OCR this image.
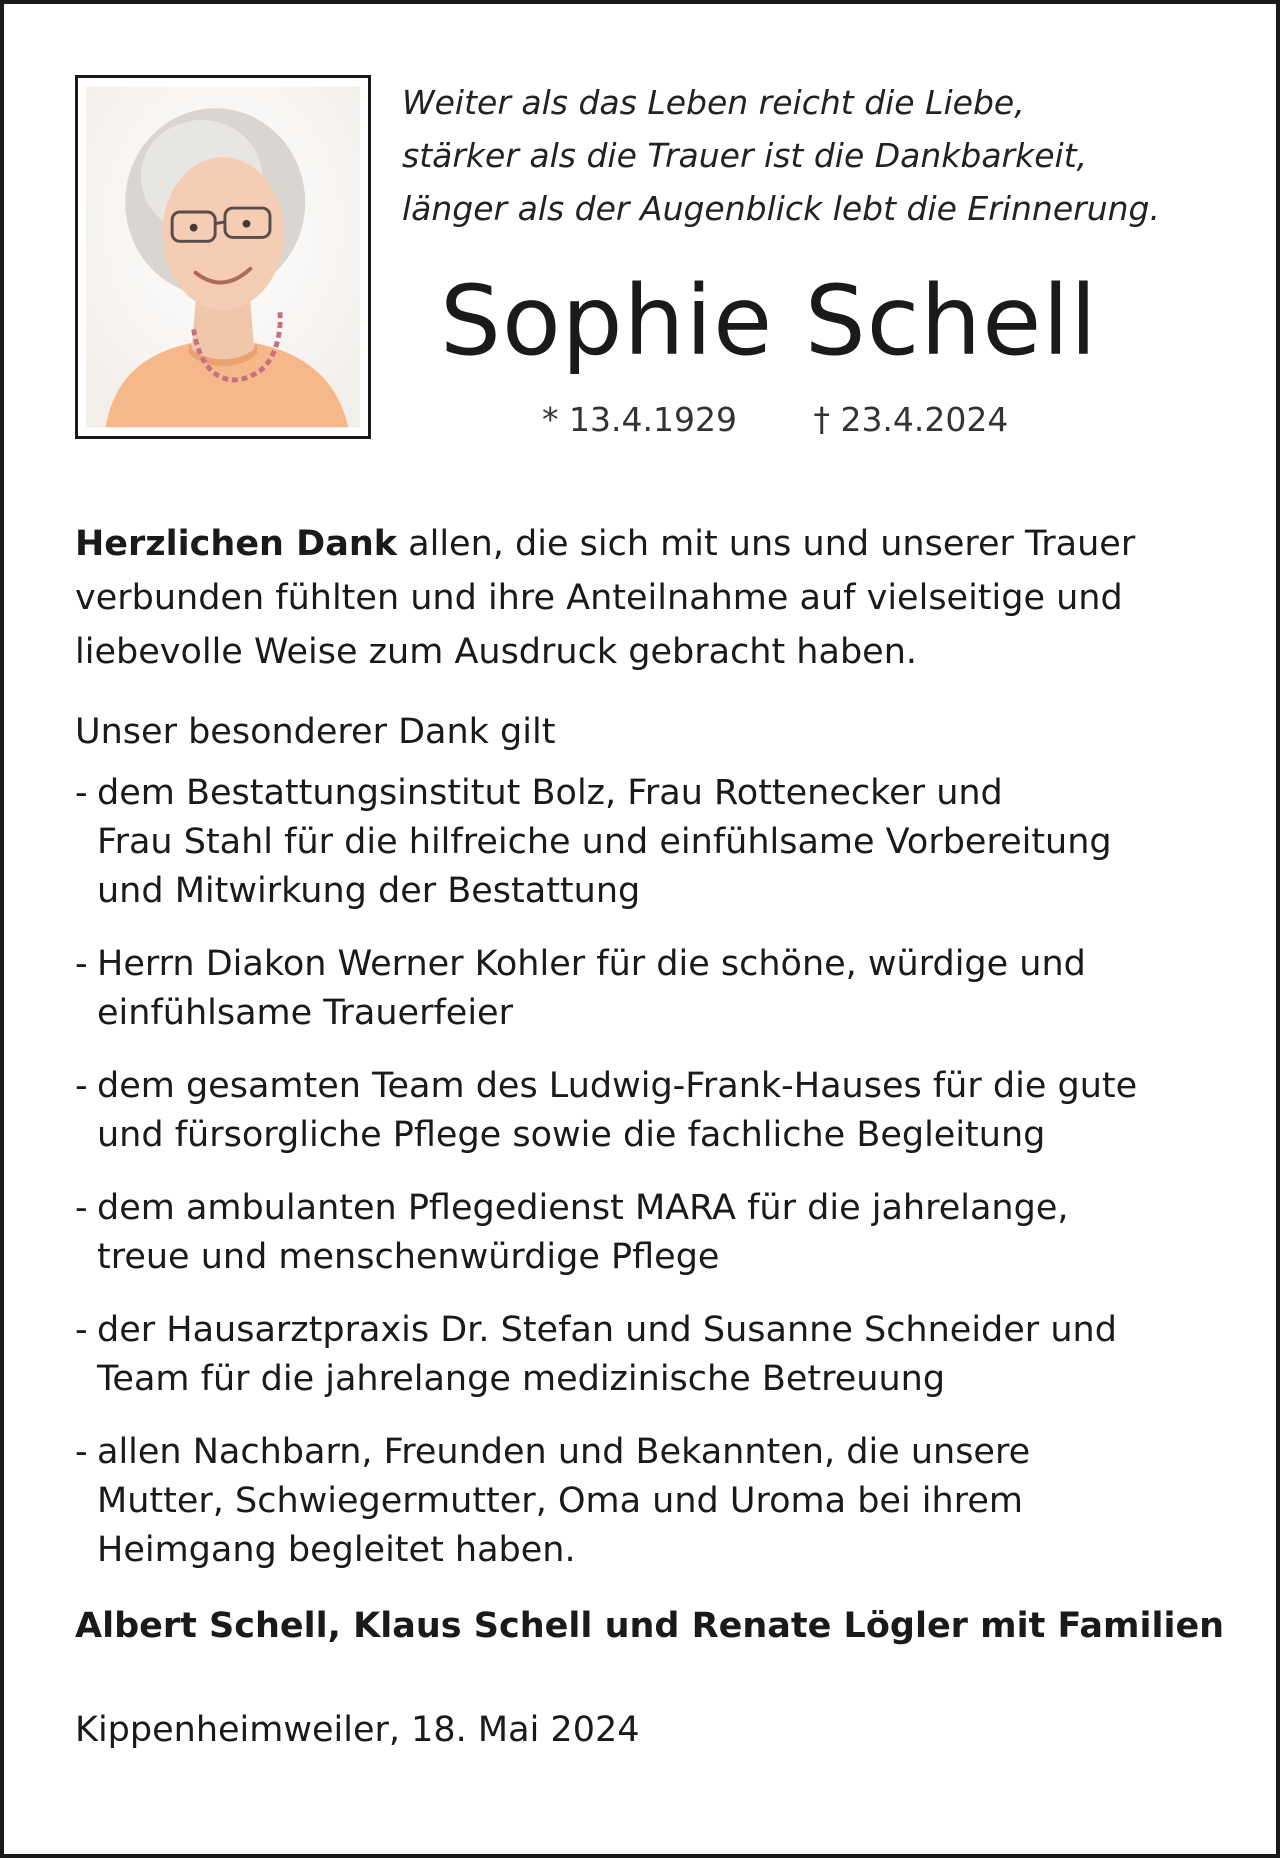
Weiter als das Leben reicht die Liebe,
stärker als die Trauer ist die Dankbarkeit,
länger als der Augenblick lebt die Erinnerung.
Sophie Schell
* 13.4.1929 † 23.4.2024

Herzlichen Dank allen, die sich mit uns und unserer Trauer verbunden fühlten und ihre Anteilnahme auf vielseitige und liebevolle Weise zum Ausdruck gebracht haben.

Unser besonderer Dank gilt

- dem Bestattungsinstitut Bolz, Frau Rottenecker und
Frau Stahl für die hilfreiche und einfühlsame Vorbereitung
und Mitwirkung der Bestattung
- Herrn Diakon Werner Kohler für die schöne, würdige und
einfühlsame Trauerfeier
- dem gesamten Team des Ludwig-Frank-Hauses für die gute
und fürsorgliche Pflege sowie die fachliche Begleitung
- dem ambulanten Pflegedienst MARA für die jahrelange,
treue und menschenwürdige Pflege
- der Hausarztpraxis Dr. Stefan und Susanne Schneider und
Team für die jahrelange medizinische Betreuung
- allen Nachbarn, Freunden und Bekannten, die unsere
Mutter, Schwiegermutter, Oma und Uroma bei ihrem
Heimgang begleitet haben.

Albert Schell, Klaus Schell und Renate Lögler mit Familien

Kippenheimweiler, 18. Mai 2024
